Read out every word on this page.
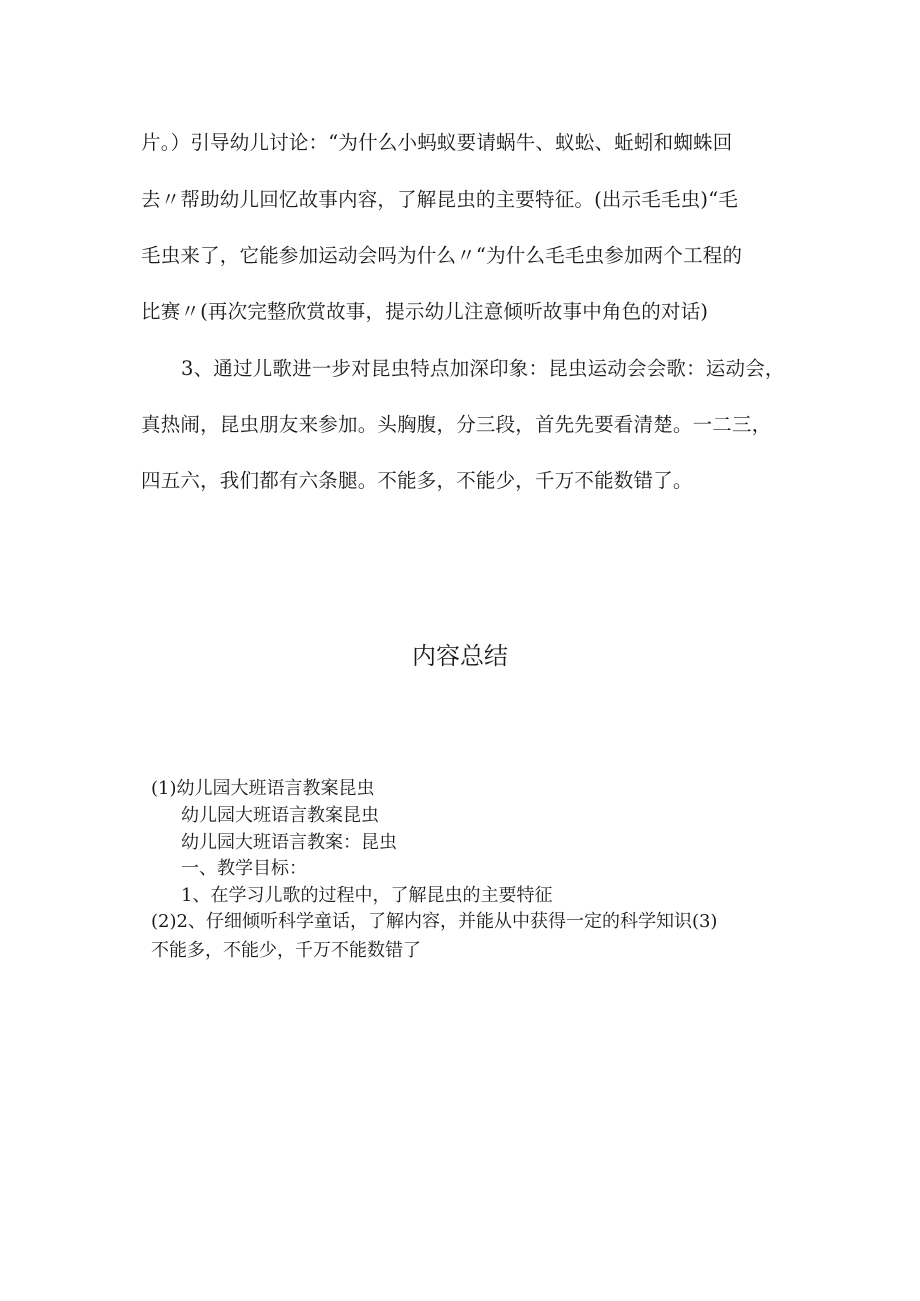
片。）引导幼儿讨论：“为什么小蚂蚁要请蜗牛、蚁蚣、蚯蚓和蜘蛛回
去〃帮助幼儿回忆故事内容，了解昆虫的主要特征。(出示毛毛虫)“毛
毛虫来了，它能参加运动会吗为什么〃“为什么毛毛虫参加两个工程的
比赛〃(再次完整欣赏故事，提示幼儿注意倾听故事中角色的对话)
3、通过儿歌进一步对昆虫特点加深印象：昆虫运动会会歌：运动会，
真热闹，昆虫朋友来参加。头胸腹，分三段，首先先要看清楚。一二三，
四五六，我们都有六条腿。不能多，不能少，千万不能数错了。
内容总结
(1)幼儿园大班语言教案昆虫
幼儿园大班语言教案昆虫
幼儿园大班语言教案：昆虫
一、教学目标：
1、在学习儿歌的过程中，了解昆虫的主要特征
(2)2、仔细倾听科学童话，了解内容，并能从中获得一定的科学知识(3)
不能多，不能少，千万不能数错了
